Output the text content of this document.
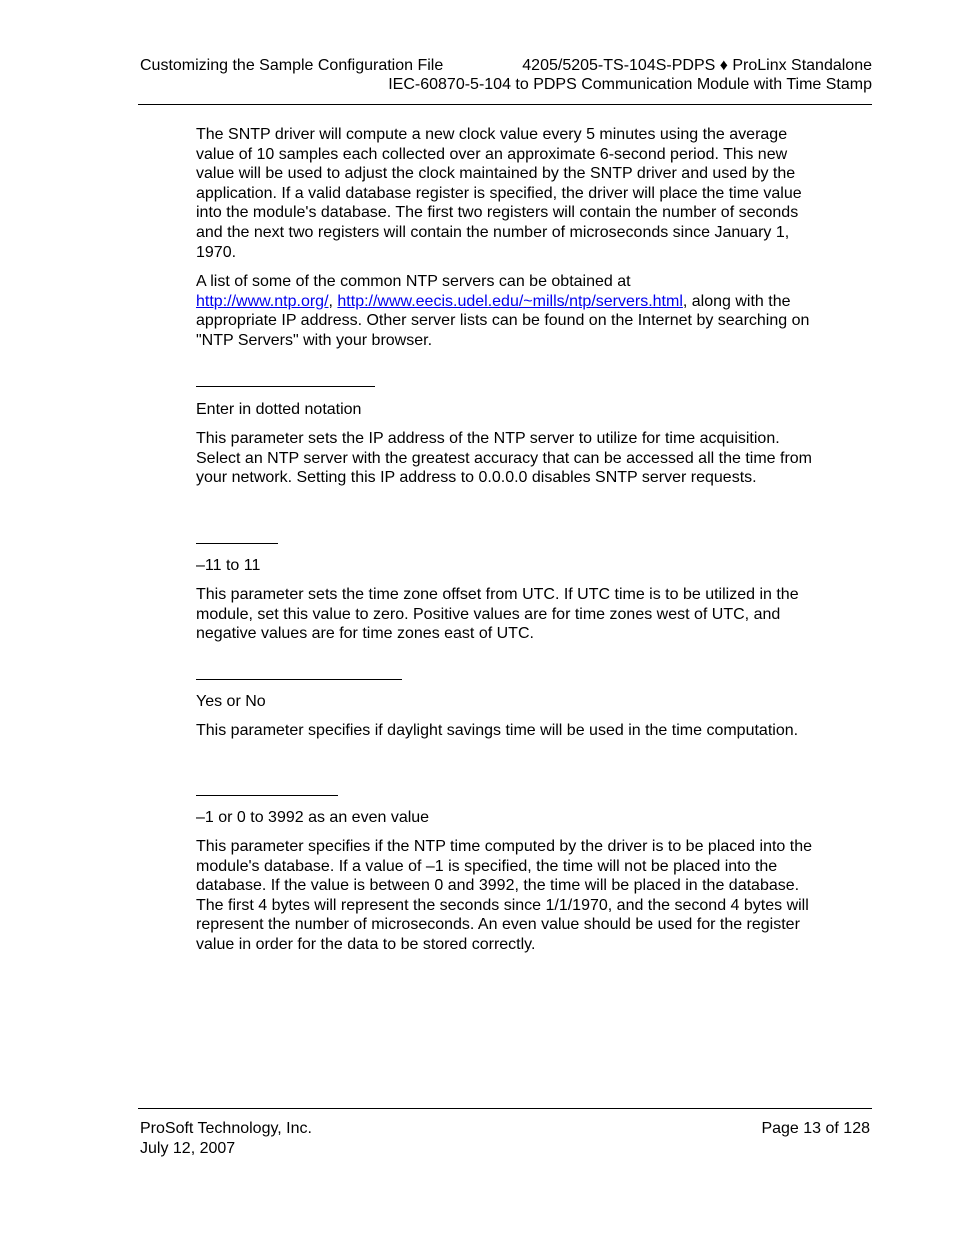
Customizing the Sample Configuration File	4205/5205-TS-104S-PDPS ♦ ProLinx Standalone
IEC-60870-5-104 to PDPS Communication Module with Time Stamp

The SNTP driver will compute a new clock value every 5 minutes using the average value of 10 samples each collected over an approximate 6-second period. This new value will be used to adjust the clock maintained by the SNTP driver and used by the application. If a valid database register is specified, the driver will place the time value into the module's database. The first two registers will contain the number of seconds and the next two registers will contain the number of microseconds since January 1, 1970.

A list of some of the common NTP servers can be obtained at
http://www.ntp.org/, http://www.eecis.udel.edu/~mills/ntp/servers.html, along with the appropriate IP address. Other server lists can be found on the Internet by searching on "NTP Servers" with your browser.

Enter in dotted notation

This parameter sets the IP address of the NTP server to utilize for time acquisition. Select an NTP server with the greatest accuracy that can be accessed all the time from your network. Setting this IP address to 0.0.0.0 disables SNTP server requests.

–11 to 11

This parameter sets the time zone offset from UTC. If UTC time is to be utilized in the module, set this value to zero. Positive values are for time zones west of UTC, and negative values are for time zones east of UTC.

Yes or No

This parameter specifies if daylight savings time will be used in the time computation.

–1 or 0 to 3992 as an even value

This parameter specifies if the NTP time computed by the driver is to be placed into the module's database. If a value of –1 is specified, the time will not be placed into the database. If the value is between 0 and 3992, the time will be placed in the database. The first 4 bytes will represent the seconds since 1/1/1970, and the second 4 bytes will represent the number of microseconds. An even value should be used for the register value in order for the data to be stored correctly.

ProSoft Technology, Inc.
July 12, 2007
Page 13 of 128
